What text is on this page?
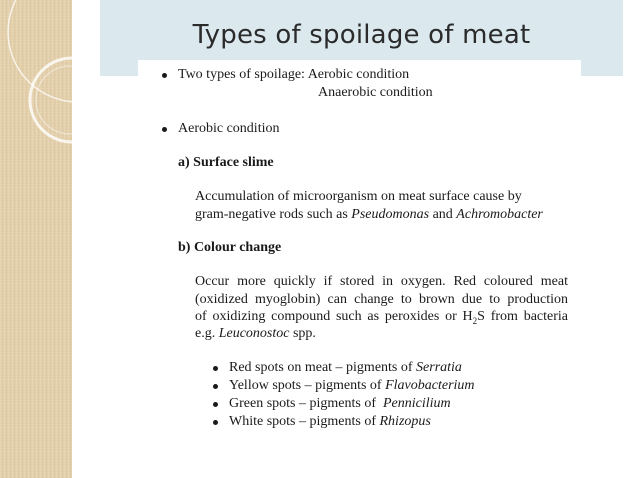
Types of spoilage of meat
Two types of spoilage: Aerobic condition
Anaerobic condition
Aerobic condition
a) Surface slime
Accumulation of microorganism on meat surface cause by
gram-negative rods such as Pseudomonas and Achromobacter
b) Colour change
Occur more quickly if stored in oxygen. Red coloured meat
(oxidized myoglobin) can change to brown due to production
of oxidizing compound such as peroxides or $H_2S$ from bacteria
e.g. Leuconostoc spp.
Red spots on meat – pigments of Serratia
Yellow spots – pigments of Flavobacterium
Green spots – pigments of  Pennicilium
White spots – pigments of Rhizopus
